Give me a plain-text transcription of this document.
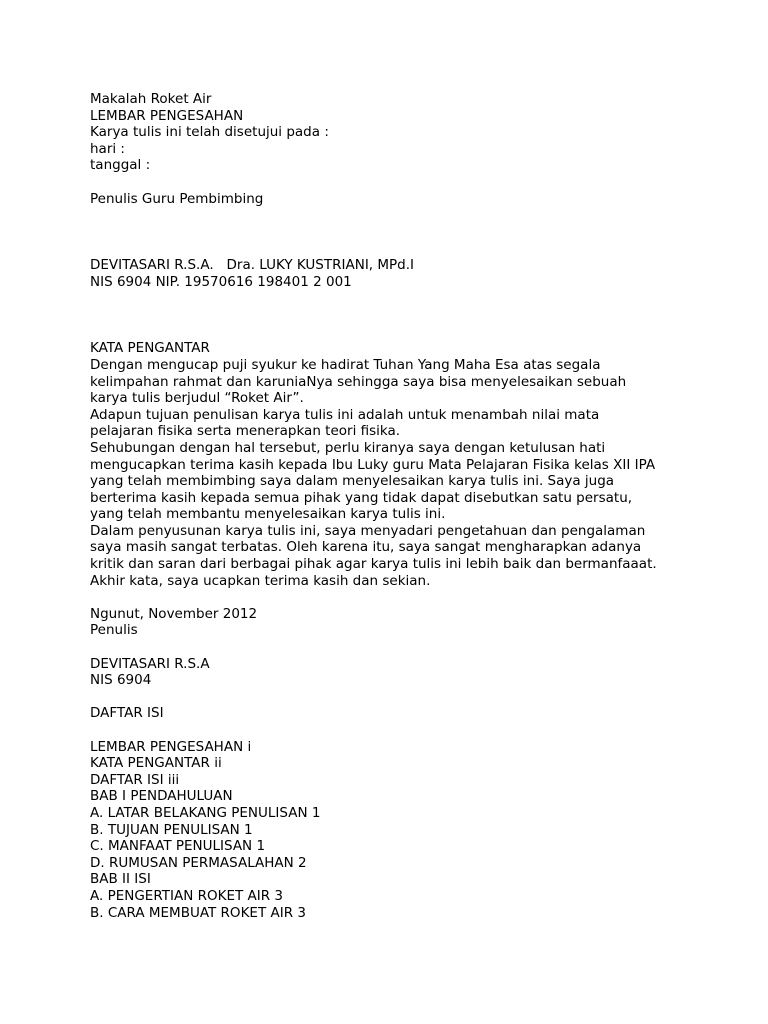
Makalah Roket Air
LEMBAR PENGESAHAN
Karya tulis ini telah disetujui pada :
hari :
tanggal :
Penulis Guru Pembimbing
DEVITASARI R.S.A.   Dra. LUKY KUSTRIANI, MPd.I
NIS 6904 NIP. 19570616 198401 2 001
KATA PENGANTAR
Dengan mengucap puji syukur ke hadirat Tuhan Yang Maha Esa atas segala
kelimpahan rahmat dan karuniaNya sehingga saya bisa menyelesaikan sebuah
karya tulis berjudul “Roket Air”.
Adapun tujuan penulisan karya tulis ini adalah untuk menambah nilai mata
pelajaran fisika serta menerapkan teori fisika.
Sehubungan dengan hal tersebut, perlu kiranya saya dengan ketulusan hati
mengucapkan terima kasih kepada Ibu Luky guru Mata Pelajaran Fisika kelas XII IPA
yang telah membimbing saya dalam menyelesaikan karya tulis ini. Saya juga
berterima kasih kepada semua pihak yang tidak dapat disebutkan satu persatu,
yang telah membantu menyelesaikan karya tulis ini.
Dalam penyusunan karya tulis ini, saya menyadari pengetahuan dan pengalaman
saya masih sangat terbatas. Oleh karena itu, saya sangat mengharapkan adanya
kritik dan saran dari berbagai pihak agar karya tulis ini lebih baik dan bermanfaaat.
Akhir kata, saya ucapkan terima kasih dan sekian.
Ngunut, November 2012
Penulis
DEVITASARI R.S.A
NIS 6904
DAFTAR ISI
LEMBAR PENGESAHAN i
KATA PENGANTAR ii
DAFTAR ISI iii
BAB I PENDAHULUAN
A. LATAR BELAKANG PENULISAN 1
B. TUJUAN PENULISAN 1
C. MANFAAT PENULISAN 1
D. RUMUSAN PERMASALAHAN 2
BAB II ISI
A. PENGERTIAN ROKET AIR 3
B. CARA MEMBUAT ROKET AIR 3
